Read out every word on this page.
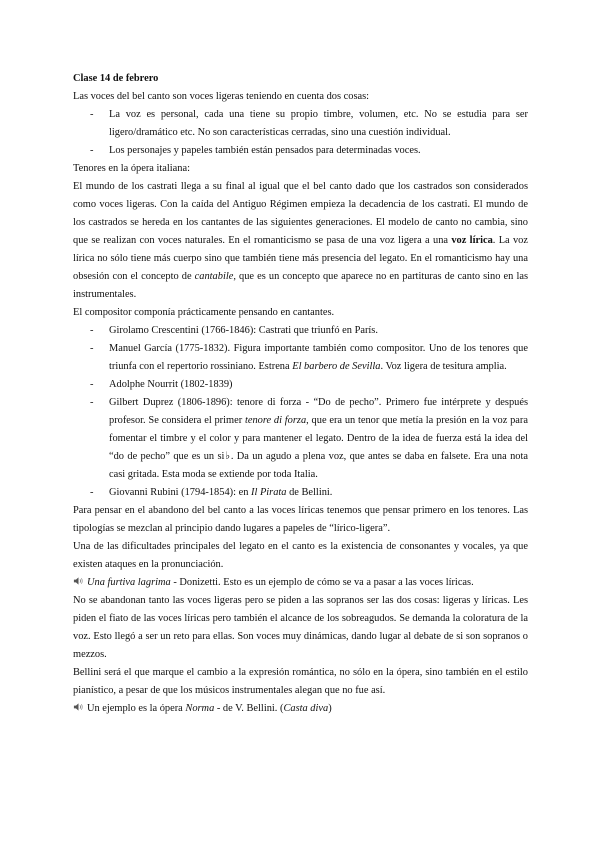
Clase 14 de febrero

Las voces del bel canto son voces ligeras teniendo en cuenta dos cosas:

- La voz es personal, cada una tiene su propio timbre, volumen, etc. No se estudia para ser ligero/dramático etc. No son características cerradas, sino una cuestión individual.
- Los personajes y papeles también están pensados para determinadas voces.

Tenores en la ópera italiana:

El mundo de los castrati llega a su final al igual que el bel canto dado que los castrados son considerados como voces ligeras. Con la caída del Antiguo Régimen empieza la decadencia de los castrati. El mundo de los castrados se hereda en los cantantes de las siguientes generaciones. El modelo de canto no cambia, sino que se realizan con voces naturales. En el romanticismo se pasa de una voz ligera a una voz lírica. La voz lírica no sólo tiene más cuerpo sino que también tiene más presencia del legato. En el romanticismo hay una obsesión con el concepto de cantabile, que es un concepto que aparece no en partituras de canto sino en las instrumentales.

El compositor componía prácticamente pensando en cantantes.

- Girolamo Crescentini (1766-1846): Castrati que triunfó en París.
- Manuel García (1775-1832). Figura importante también como compositor. Uno de los tenores que triunfa con el repertorio rossiniano. Estrena El barbero de Sevilla. Voz ligera de tesitura amplia.
- Adolphe Nourrit (1802-1839)
- Gilbert Duprez (1806-1896): tenore di forza - “Do de pecho”. Primero fue intérprete y después profesor. Se considera el primer tenore di forza, que era un tenor que metía la presión en la voz para fomentar el timbre y el color y para mantener el legato. Dentro de la idea de fuerza está la idea del “do de pecho” que es un si♭. Da un agudo a plena voz, que antes se daba en falsete. Era una nota casi gritada. Esta moda se extiende por toda Italia.
- Giovanni Rubini (1794-1854): en Il Pirata de Bellini.

Para pensar en el abandono del bel canto a las voces líricas tenemos que pensar primero en los tenores. Las tipologías se mezclan al principio dando lugares a papeles de “lírico-ligera”.

Una de las dificultades principales del legato en el canto es la existencia de consonantes y vocales, ya que existen ataques en la pronunciación.

Una furtiva lagrima - Donizetti. Esto es un ejemplo de cómo se va a pasar a las voces líricas.

No se abandonan tanto las voces ligeras pero se piden a las sopranos ser las dos cosas: ligeras y líricas. Les piden el fiato de las voces líricas pero también el alcance de los sobreagudos. Se demanda la coloratura de la voz. Esto llegó a ser un reto para ellas. Son voces muy dinámicas, dando lugar al debate de si son sopranos o mezzos.

Bellini será el que marque el cambio a la expresión romántica, no sólo en la ópera, sino también en el estilo pianístico, a pesar de que los músicos instrumentales alegan que no fue así.

Un ejemplo es la ópera Norma - de V. Bellini. (Casta diva)
